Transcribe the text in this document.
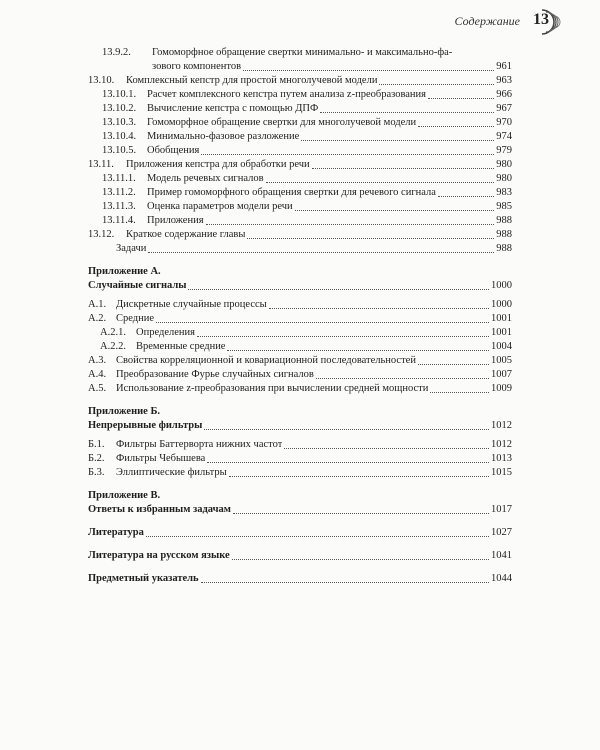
Содержание 13
13.9.2. Гомоморфное обращение свертки минимально- и максимально-фа-
зового компонентов	961
13.10.	Комплексный кепстр для простой многолучевой модели	963
13.10.1.	Расчет комплексного кепстра путем анализа z-преобразования	966
13.10.2.	Вычисление кепстра с помощью ДПФ	967
13.10.3.	Гомоморфное обращение свертки для многолучевой модели	970
13.10.4.	Минимально-фазовое разложение	974
13.10.5.	Обобщения	979
13.11.	Приложения кепстра для обработки речи	980
13.11.1.	Модель речевых сигналов	980
13.11.2.	Пример гомоморфного обращения свертки для речевого сигнала	983
13.11.3.	Оценка параметров модели речи	985
13.11.4.	Приложения	988
13.12.	Краткое содержание главы	988
Задачи	988
Приложение А.
Случайные сигналы	1000
А.1. Дискретные случайные процессы	1000
А.2. Средние	1001
А.2.1. Определения	1001
А.2.2. Временные средние	1004
А.3. Свойства корреляционной и ковариационной последовательностей	1005
А.4. Преобразование Фурье случайных сигналов	1007
А.5. Использование z-преобразования при вычислении средней мощности	1009
Приложение Б.
Непрерывные фильтры	1012
Б.1.	Фильтры Баттерворта нижних частот	1012
Б.2.	Фильтры Чебышева	1013
Б.3.	Эллиптические фильтры	1015
Приложение В.
Ответы к избранным задачам	1017
Литература	1027
Литература на русском языке	1041
Предметный указатель	1044
